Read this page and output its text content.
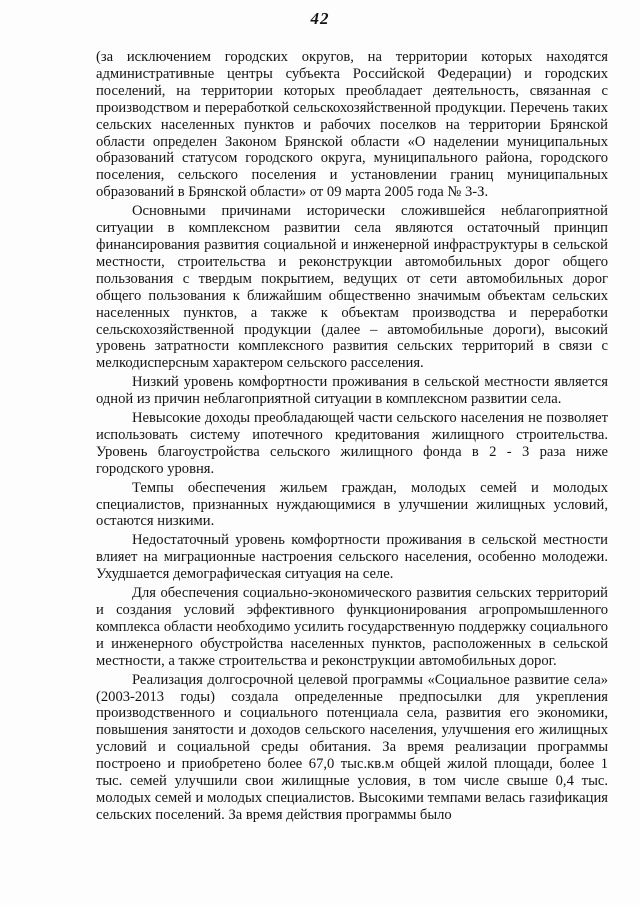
42

(за исключением городских округов, на территории которых находятся административные центры субъекта Российской Федерации) и городских поселений, на территории которых преобладает деятельность, связанная с производством и переработкой сельскохозяйственной продукции. Перечень таких сельских населенных пунктов и рабочих поселков на территории Брянской области определен Законом Брянской области «О наделении муниципальных образований статусом городского округа, муниципального района, городского поселения, сельского поселения и установлении границ муниципальных образований в Брянской области» от 09 марта 2005 года № 3-З.

Основными причинами исторически сложившейся неблагоприятной ситуации в комплексном развитии села являются остаточный принцип финансирования развития социальной и инженерной инфраструктуры в сельской местности, строительства и реконструкции автомобильных дорог общего пользования с твердым покрытием, ведущих от сети автомобильных дорог общего пользования к ближайшим общественно значимым объектам сельских населенных пунктов, а также к объектам производства и переработки сельскохозяйственной продукции (далее – автомобильные дороги), высокий уровень затратности комплексного развития сельских территорий в связи с мелкодисперсным характером сельского расселения.

Низкий уровень комфортности проживания в сельской местности является одной из причин неблагоприятной ситуации в комплексном развитии села.

Невысокие доходы преобладающей части сельского населения не позволяет использовать систему ипотечного кредитования жилищного строительства. Уровень благоустройства сельского жилищного фонда в 2 - 3 раза ниже городского уровня.

Темпы обеспечения жильем граждан, молодых семей и молодых специалистов, признанных нуждающимися в улучшении жилищных условий, остаются низкими.

Недостаточный уровень комфортности проживания в сельской местности влияет на миграционные настроения сельского населения, особенно молодежи. Ухудшается демографическая ситуация на селе.

Для обеспечения социально-экономического развития сельских территорий и создания условий эффективного функционирования агропромышленного комплекса области необходимо усилить государственную поддержку социального и инженерного обустройства населенных пунктов, расположенных в сельской местности, а также строительства и реконструкции автомобильных дорог.

Реализация долгосрочной целевой программы «Социальное развитие села» (2003-2013 годы) создала определенные предпосылки для укрепления производственного и социального потенциала села, развития его экономики, повышения занятости и доходов сельского населения, улучшения его жилищных условий и социальной среды обитания. За время реализации программы построено и приобретено более 67,0 тыс.кв.м общей жилой площади, более 1 тыс. семей улучшили свои жилищные условия, в том числе свыше 0,4 тыс. молодых семей и молодых специалистов. Высокими темпами велась газификация сельских поселений. За время действия программы было
